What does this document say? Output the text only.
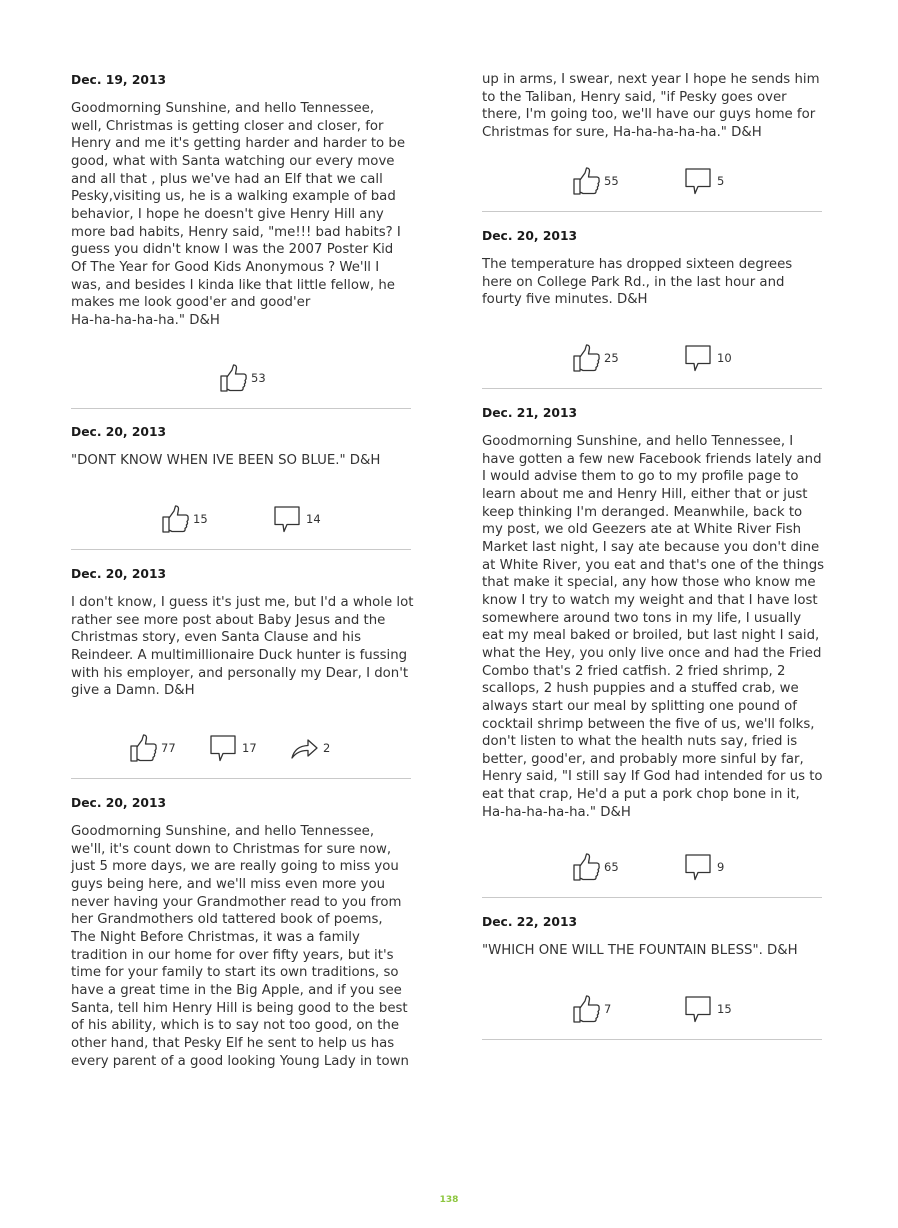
Dec. 19, 2013
Goodmorning Sunshine, and hello Tennessee,
well, Christmas is getting closer and closer, for
Henry and me it's getting harder and harder to be
good, what with Santa watching our every move
and all that , plus we've had an Elf that we call
Pesky,visiting us, he is a walking example of bad
behavior, I hope he doesn't give Henry Hill any
more bad habits, Henry said, "me!!! bad habits? I
guess you didn't know I was the 2007 Poster Kid
Of The Year for Good Kids Anonymous ? We'll I
was, and besides I kinda like that little fellow, he
makes me look good'er and good'er
Ha-ha-ha-ha-ha." D&H
53
Dec. 20, 2013
"DONT KNOW WHEN IVE BEEN SO BLUE." D&H
15	14
Dec. 20, 2013
I don't know, I guess it's just me, but I'd a whole lot
rather see more post about Baby Jesus and the
Christmas story, even Santa Clause and his
Reindeer. A multimillionaire Duck hunter is fussing
with his employer, and personally my Dear, I don't
give a Damn. D&H
77	17	2
Dec. 20, 2013
Goodmorning Sunshine, and hello Tennessee,
we'll, it's count down to Christmas for sure now,
just 5 more days, we are really going to miss you
guys being here, and we'll miss even more you
never having your Grandmother read to you from
her Grandmothers old tattered book of poems,
The Night Before Christmas, it was a family
tradition in our home for over fifty years, but it's
time for your family to start its own traditions, so
have a great time in the Big Apple, and if you see
Santa, tell him Henry Hill is being good to the best
of his ability, which is to say not too good, on the
other hand, that Pesky Elf he sent to help us has
every parent of a good looking Young Lady in town
up in arms, I swear, next year I hope he sends him
to the Taliban, Henry said, "if Pesky goes over
there, I'm going too, we'll have our guys home for
Christmas for sure, Ha-ha-ha-ha-ha." D&H
55	5
Dec. 20, 2013
The temperature has dropped sixteen degrees
here on College Park Rd., in the last hour and
fourty five minutes. D&H
25	10
Dec. 21, 2013
Goodmorning Sunshine, and hello Tennessee, I
have gotten a few new Facebook friends lately and
I would advise them to go to my profile page to
learn about me and Henry Hill, either that or just
keep thinking I'm deranged. Meanwhile, back to
my post, we old Geezers ate at White River Fish
Market last night, I say ate because you don't dine
at White River, you eat and that's one of the things
that make it special, any how those who know me
know I try to watch my weight and that I have lost
somewhere around two tons in my life, I usually
eat my meal baked or broiled, but last night I said,
what the Hey, you only live once and had the Fried
Combo that's 2 fried catfish. 2 fried shrimp, 2
scallops, 2 hush puppies and a stuffed crab, we
always start our meal by splitting one pound of
cocktail shrimp between the five of us, we'll folks,
don't listen to what the health nuts say, fried is
better, good'er, and probably more sinful by far,
Henry said, "I still say If God had intended for us to
eat that crap, He'd a put a pork chop bone in it,
Ha-ha-ha-ha-ha." D&H
65	9
Dec. 22, 2013
"WHICH ONE WILL THE FOUNTAIN BLESS". D&H
7	15
138
